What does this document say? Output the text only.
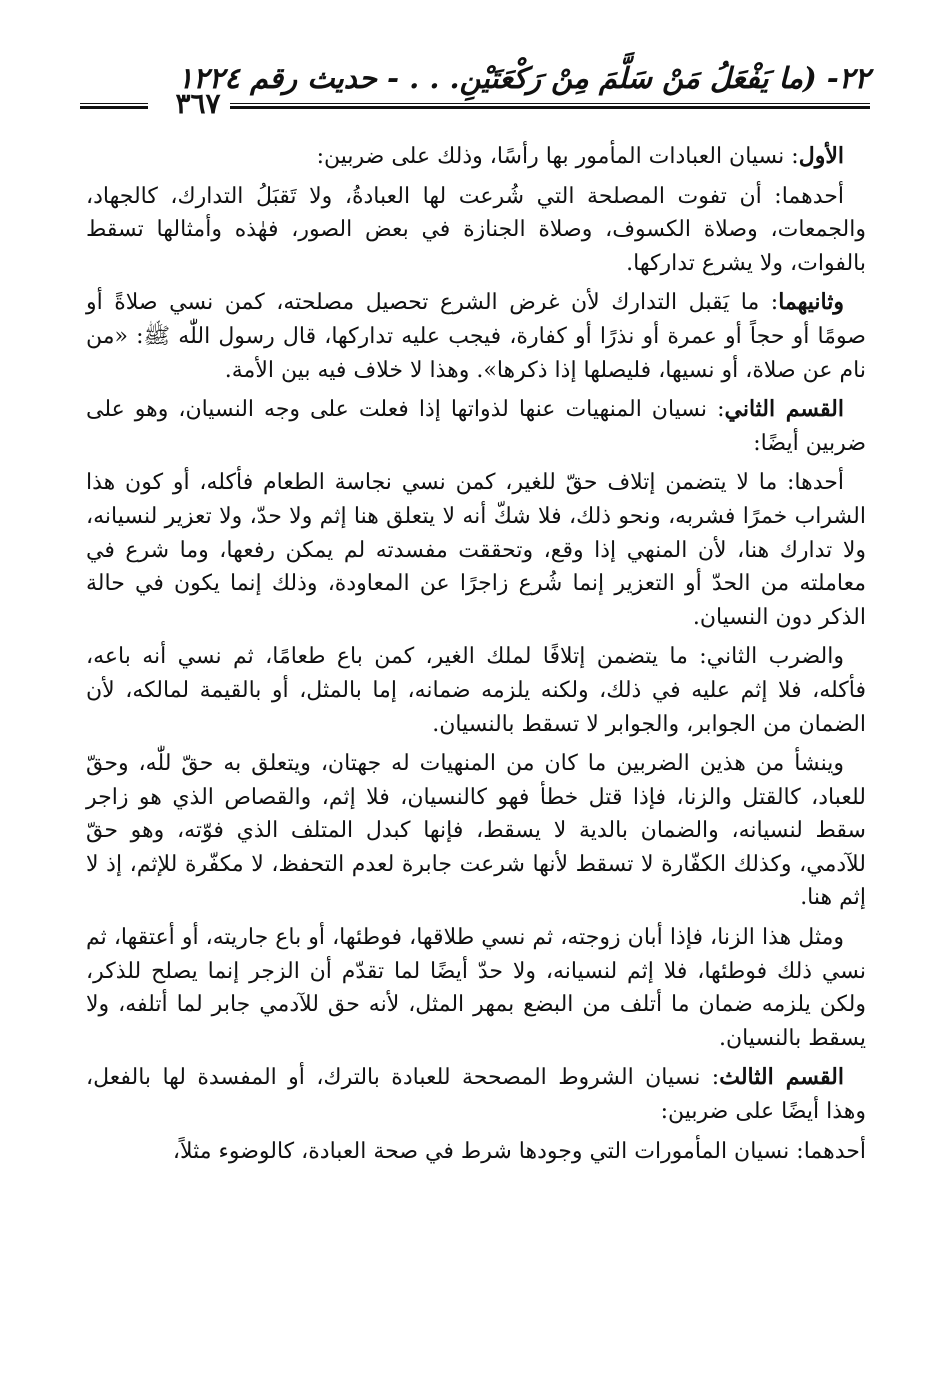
٢٢- (ما يَفْعَلُ مَنْ سَلَّمَ مِنْ رَكْعَتَيْنِ. . . - حديث رقم ١٢٢٤
٣٦٧

الأول: نسيان العبادات المأمور بها رأسًا، وذلك على ضربين:

أحدهما: أن تفوت المصلحة التي شُرعت لها العبادةُ، ولا تَقبَلُ التدارك، كالجهاد، والجمعات، وصلاة الكسوف، وصلاة الجنازة في بعض الصور، فهٰذه وأمثالها تسقط بالفوات، ولا يشرع تداركها.

وثانيهما: ما يَقبل التدارك لأن غرض الشرع تحصيل مصلحته، كمن نسي صلاةً أو صومًا أو حجاً أو عمرة أو نذرًا أو كفارة، فيجب عليه تداركها، قال رسول اللّٰه ﷺ: «من نام عن صلاة، أو نسيها، فليصلها إذا ذكرها». وهذا لا خلاف فيه بين الأمة.

القسم الثاني: نسيان المنهيات عنها لذواتها إذا فعلت على وجه النسيان، وهو على ضربين أيضًا:

أحدها: ما لا يتضمن إتلاف حقّ للغير، كمن نسي نجاسة الطعام فأكله، أو كون هذا الشراب خمرًا فشربه، ونحو ذلك، فلا شكّ أنه لا يتعلق هنا إثم ولا حدّ، ولا تعزير لنسيانه، ولا تدارك هنا، لأن المنهي إذا وقع، وتحققت مفسدته لم يمكن رفعها، وما شرع في معاملته من الحدّ أو التعزير إنما شُرع زاجرًا عن المعاودة، وذلك إنما يكون في حالة الذكر دون النسيان.

والضرب الثاني: ما يتضمن إتلافًا لملك الغير، كمن باع طعامًا، ثم نسي أنه باعه، فأكله، فلا إثم عليه في ذلك، ولكنه يلزمه ضمانه، إما بالمثل، أو بالقيمة لمالكه، لأن الضمان من الجوابر، والجوابر لا تسقط بالنسيان.

وينشأ من هذين الضربين ما كان من المنهيات له جهتان، ويتعلق به حقّ للّٰه، وحقّ للعباد، كالقتل والزنا، فإذا قتل خطأ فهو كالنسيان، فلا إثم، والقصاص الذي هو زاجر سقط لنسيانه، والضمان بالدية لا يسقط، فإنها كبدل المتلف الذي فوّته، وهو حقّ للآدمي، وكذلك الكفّارة لا تسقط لأنها شرعت جابرة لعدم التحفظ، لا مكفّرة للإثم، إذ لا إثم هنا.

ومثل هذا الزنا، فإذا أبان زوجته، ثم نسي طلاقها، فوطئها، أو باع جاريته، أو أعتقها، ثم نسي ذلك فوطئها، فلا إثم لنسيانه، ولا حدّ أيضًا لما تقدّم أن الزجر إنما يصلح للذكر، ولكن يلزمه ضمان ما أتلف من البضع بمهر المثل، لأنه حق للآدمي جابر لما أتلفه، ولا يسقط بالنسيان.

القسم الثالث: نسيان الشروط المصححة للعبادة بالترك، أو المفسدة لها بالفعل، وهذا أيضًا على ضربين:

أحدهما: نسيان المأمورات التي وجودها شرط في صحة العبادة، كالوضوء مثلاً،
